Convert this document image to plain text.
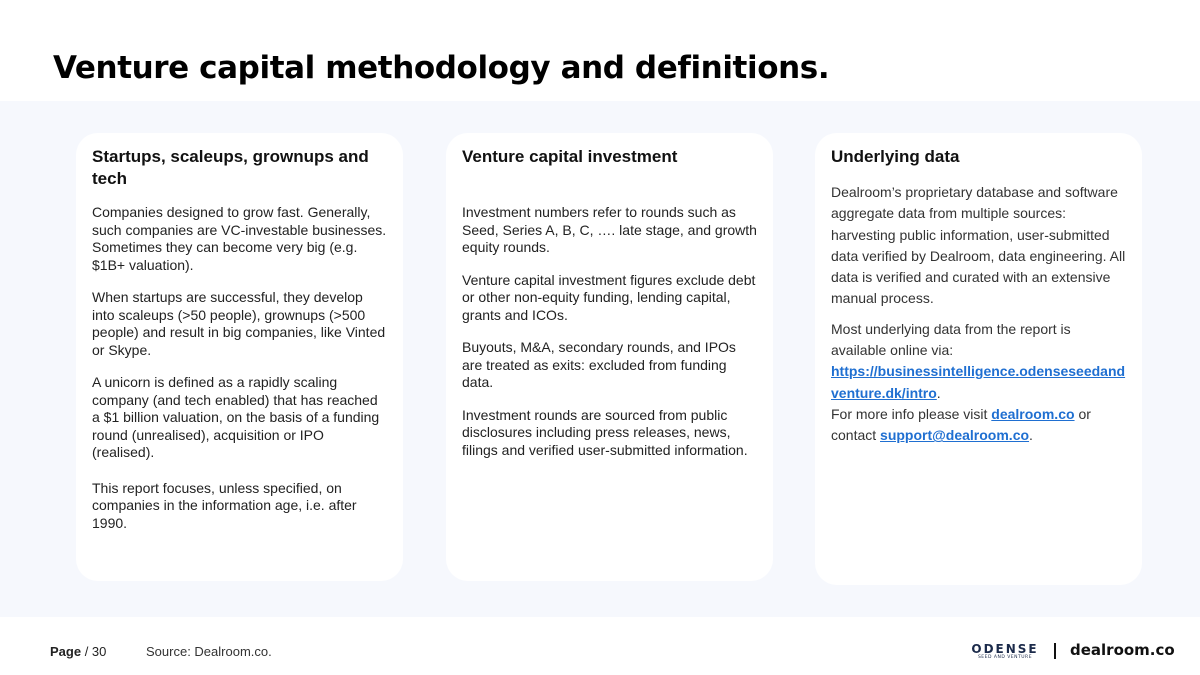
Venture capital methodology and definitions.
Startups, scaleups, grownups and tech

Companies designed to grow fast. Generally, such companies are VC-investable businesses. Sometimes they can become very big (e.g. $1B+ valuation).

When startups are successful, they develop into scaleups (>50 people), grownups (>500 people) and result in big companies, like Vinted or Skype.

A unicorn is defined as a rapidly scaling company (and tech enabled) that has reached a $1 billion valuation, on the basis of a funding round (unrealised), acquisition or IPO (realised).

This report focuses, unless specified, on companies in the information age, i.e. after 1990.

Venture capital investment

Investment numbers refer to rounds such as Seed, Series A, B, C, …. late stage, and growth equity rounds.

Venture capital investment figures exclude debt or other non-equity funding, lending capital, grants and ICOs.

Buyouts, M&A, secondary rounds, and IPOs are treated as exits: excluded from funding data.

Investment rounds are sourced from public disclosures including press releases, news, filings and verified user-submitted information.

Underlying data

Dealroom’s proprietary database and software aggregate data from multiple sources: harvesting public information, user-submitted data verified by Dealroom, data engineering. All data is verified and curated with an extensive manual process.

Most underlying data from the report is available online via:
https://businessintelligence.odenseseedandventure.dk/intro.
For more info please visit dealroom.co or contact support@dealroom.co.

Page / 30	Source: Dealroom.co.	ODENSE
SEED AND VENTURE	dealroom.co
